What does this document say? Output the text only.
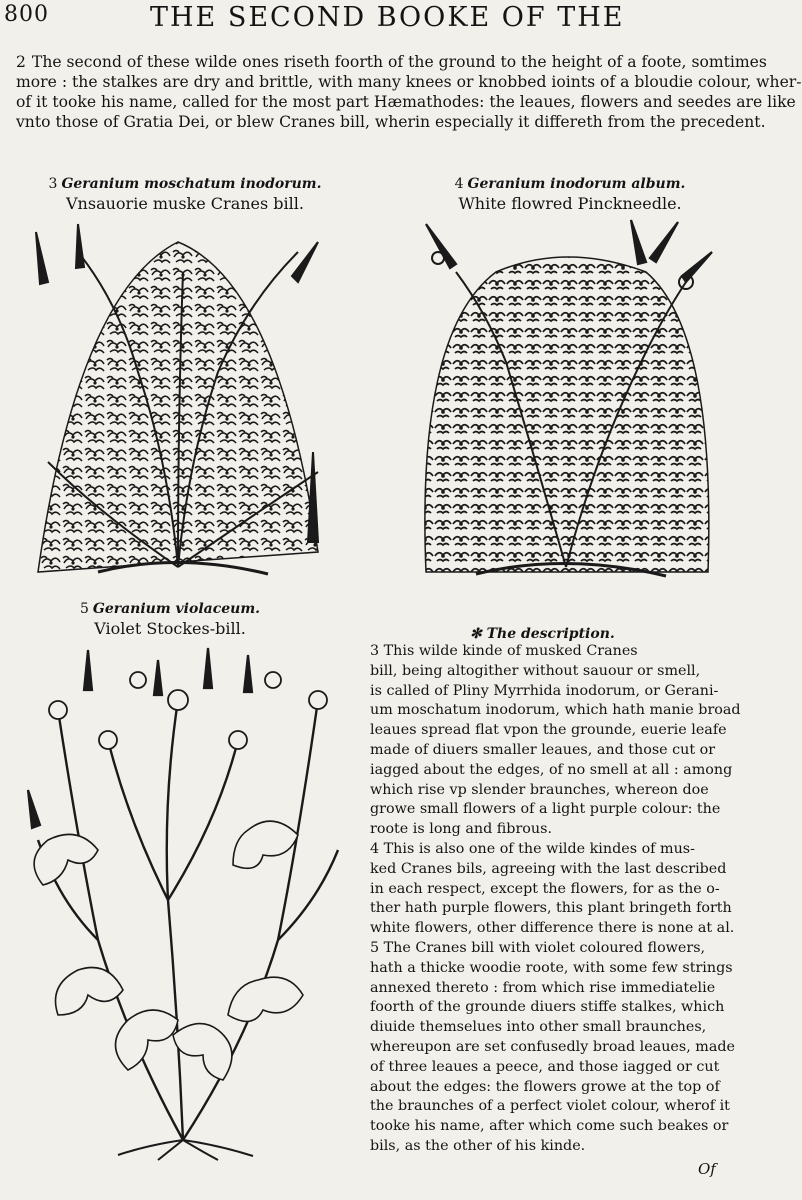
800	THE SECOND BOOKE OF THE
2 The second of these wilde ones riseth foorth of the ground to the height of a foote, somtimes
more : the stalkes are dry and brittle, with many knees or knobbed ioints of a bloudie colour, wher-
of it tooke his name, called for the most part Hæmathodes: the leaues, flowers and seedes are like
vnto those of Gratia Dei, or blew Cranes bill, wherin especially it differeth from the precedent.
3 Geranium moschatum inodorum.
Vnsauorie muske Cranes bill.
4 Geranium inodorum album.
White flowred Pinckneedle.
5 Geranium violaceum.
Violet Stockes-bill.	✻ The description.
3 This wilde kinde of musked Cranes
bill, being altogither without sauour or smell,
is called of Pliny Myrrhida inodorum, or Gerani-
um moschatum inodorum, which hath manie broad
leaues spread flat vpon the grounde, euerie leafe
made of diuers smaller leaues, and those cut or
iagged about the edges, of no smell at all : among
which rise vp slender braunches, whereon doe
growe small flowers of a light purple colour: the
roote is long and fibrous.
4 This is also one of the wilde kindes of mus-
ked Cranes bils, agreeing with the last described
in each respect, except the flowers, for as the o-
ther hath purple flowers, this plant bringeth forth
white flowers, other difference there is none at al.
5 The Cranes bill with violet coloured flowers,
hath a thicke woodie roote, with some few strings
annexed thereto : from which rise immediatelie
foorth of the grounde diuers stiffe stalkes, which
diuide themselues into other small braunches,
whereupon are set confusedly broad leaues, made
of three leaues a peece, and those iagged or cut
about the edges: the flowers growe at the top of
the braunches of a perfect violet colour, wherof it
tooke his name, after which come such beakes or
bils, as the other of his kinde.
Of
